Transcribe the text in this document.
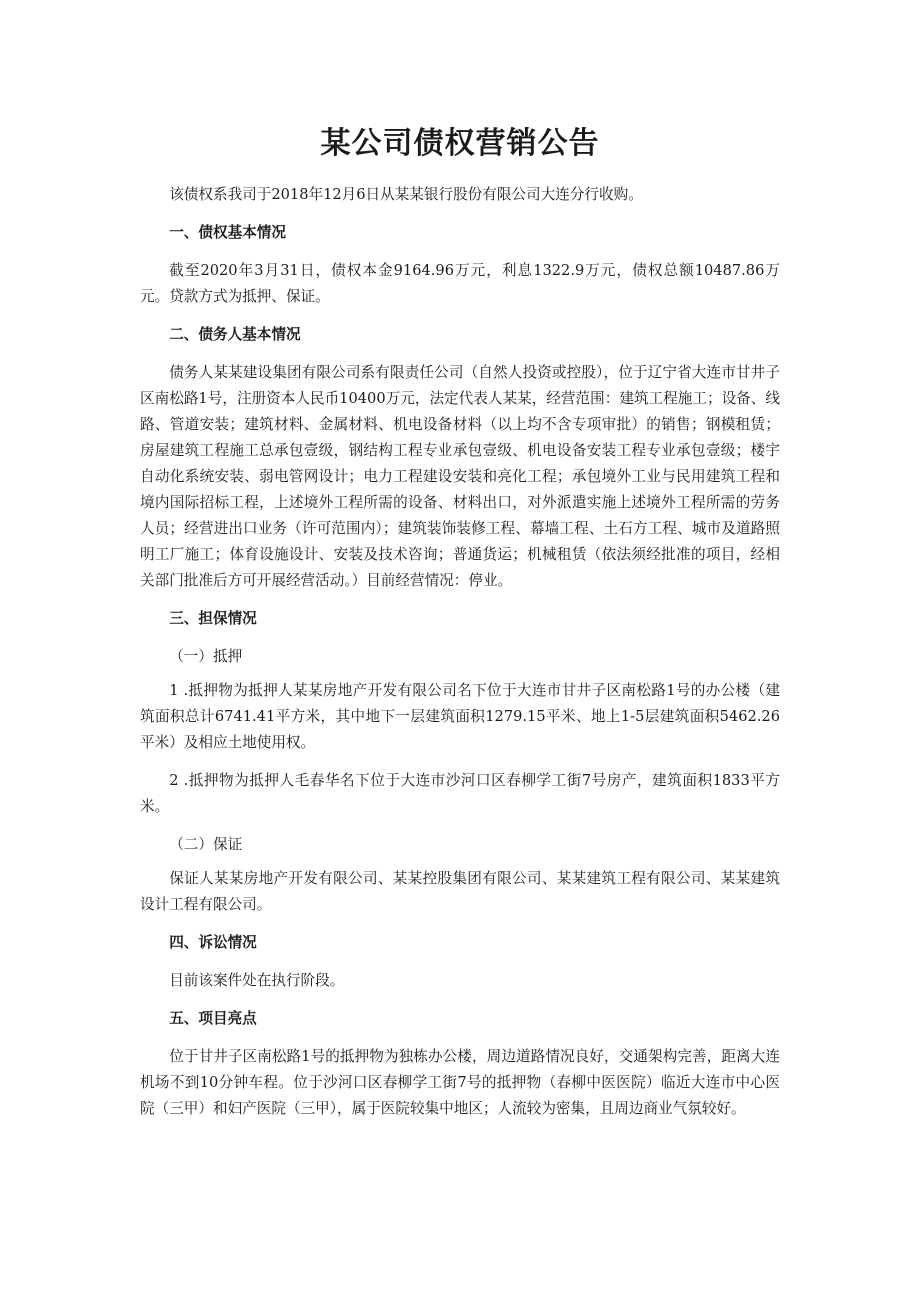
某公司债权营销公告

该债权系我司于2018年12月6日从某某银行股份有限公司大连分行收购。

一、债权基本情况

截至2020年3月31日，债权本金9164.96万元，利息1322.9万元，债权总额10487.86万元。贷款方式为抵押、保证。

二、债务人基本情况

债务人某某建设集团有限公司系有限责任公司（自然人投资或控股），位于辽宁省大连市甘井子区南松路1号，注册资本人民币10400万元，法定代表人某某，经营范围：建筑工程施工；设备、线路、管道安装；建筑材料、金属材料、机电设备材料（以上均不含专项审批）的销售；钢模租赁；房屋建筑工程施工总承包壹级，钢结构工程专业承包壹级、机电设备安装工程专业承包壹级；楼宇自动化系统安装、弱电管网设计；电力工程建设安装和亮化工程；承包境外工业与民用建筑工程和境内国际招标工程，上述境外工程所需的设备、材料出口，对外派遣实施上述境外工程所需的劳务人员；经营进出口业务（许可范围内）；建筑装饰装修工程、幕墙工程、土石方工程、城市及道路照明工厂施工；体育设施设计、安装及技术咨询；普通货运；机械租赁（依法须经批准的项目，经相关部门批准后方可开展经营活动。）目前经营情况：停业。

三、担保情况

（一）抵押

1 .抵押物为抵押人某某房地产开发有限公司名下位于大连市甘井子区南松路1号的办公楼（建筑面积总计6741.41平方米，其中地下一层建筑面积1279.15平米、地上1-5层建筑面积5462.26平米）及相应土地使用权。

2 .抵押物为抵押人毛春华名下位于大连市沙河口区春柳学工街7号房产，建筑面积1833平方米。

（二）保证

保证人某某房地产开发有限公司、某某控股集团有限公司、某某建筑工程有限公司、某某建筑设计工程有限公司。

四、诉讼情况

目前该案件处在执行阶段。

五、项目亮点

位于甘井子区南松路1号的抵押物为独栋办公楼，周边道路情况良好，交通架构完善，距离大连机场不到10分钟车程。位于沙河口区春柳学工街7号的抵押物（春柳中医医院）临近大连市中心医院（三甲）和妇产医院（三甲），属于医院较集中地区；人流较为密集，且周边商业气氛较好。
